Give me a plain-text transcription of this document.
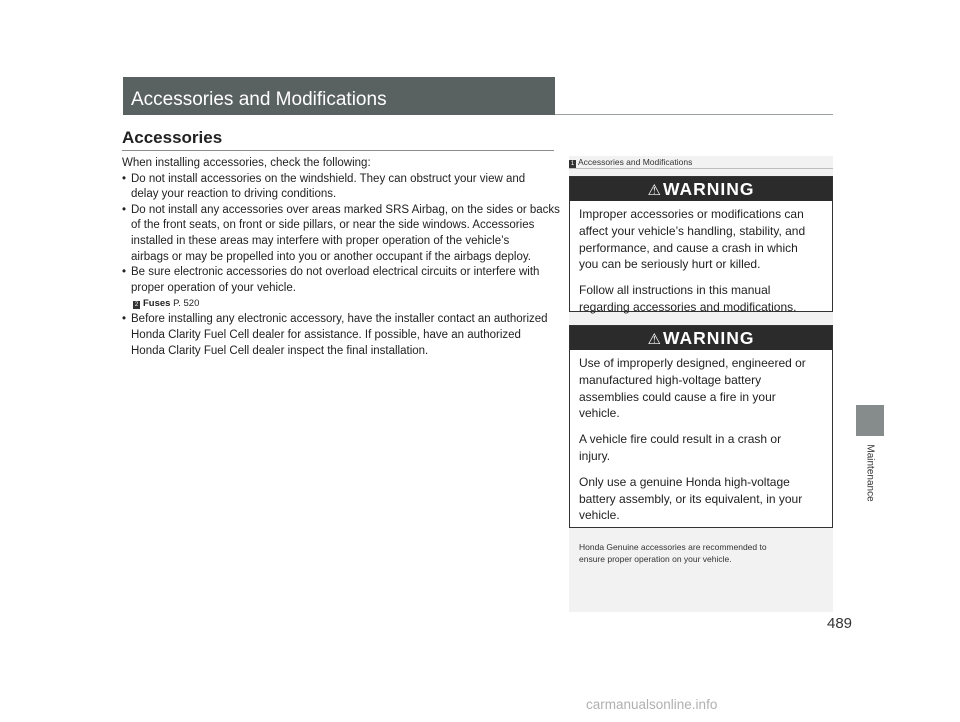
Accessories and Modifications
Accessories

When installing accessories, check the following:

• Do not install accessories on the windshield. They can obstruct your view and
delay your reaction to driving conditions.
• Do not install any accessories over areas marked SRS Airbag, on the sides or backs
of the front seats, on front or side pillars, or near the side windows. Accessories
installed in these areas may interfere with proper operation of the vehicle’s
airbags or may be propelled into you or another occupant if the airbags deploy.
• Be sure electronic accessories do not overload electrical circuits or interfere with
proper operation of your vehicle.

2 Fuses P. 520

• Before installing any electronic accessory, have the installer contact an authorized
Honda Clarity Fuel Cell dealer for assistance. If possible, have an authorized
Honda Clarity Fuel Cell dealer inspect the final installation.
1 Accessories and Modifications
⚠WARNING

Improper accessories or modifications can
affect your vehicle’s handling, stability, and
performance, and cause a crash in which
you can be seriously hurt or killed.

Follow all instructions in this manual
regarding accessories and modifications.

⚠WARNING

Use of improperly designed, engineered or
manufactured high-voltage battery
assemblies could cause a fire in your
vehicle.

A vehicle fire could result in a crash or
injury.

Only use a genuine Honda high-voltage
battery assembly, or its equivalent, in your
vehicle.

Honda Genuine accessories are recommended to
ensure proper operation on your vehicle.
Maintenance
489
carmanualsonline.info
